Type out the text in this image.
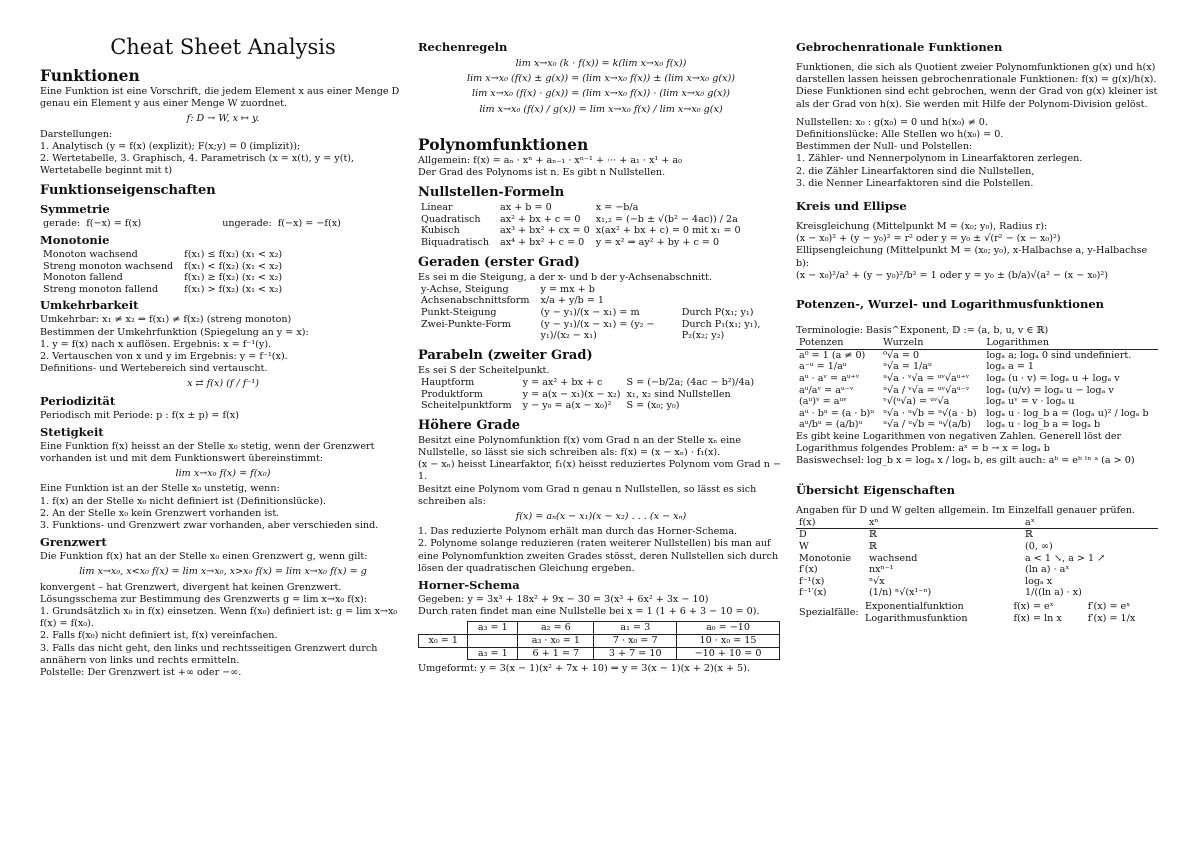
Cheat Sheet Analysis
Funktionen

Eine Funktion ist eine Vorschrift, die jedem Element x aus einer Menge D genau ein Element y aus einer Menge W zuordnet.

f: D → W, x ↦ y.

Darstellungen:

1. Analytisch (y = f(x) (explizit); F(x;y) = 0 (implizit));

2. Wertetabelle, 3. Graphisch, 4. Parametrisch (x = x(t), y = y(t), Wertetabelle beginnt mit t)

Funktionseigenschaften
Symmetrie
gerade:	f(−x) = f(x)	ungerade:	f(−x) = −f(x)
Monotonie
Monoton wachsend	f(x₁) ≤ f(x₂) (x₁ < x₂)
Streng monoton wachsend	f(x₁) < f(x₂) (x₁ < x₂)
Monoton fallend	f(x₁) ≥ f(x₂) (x₁ < x₂)
Streng monoton fallend	f(x₁) > f(x₂) (x₁ < x₂)
Umkehrbarkeit

Umkehrbar: x₁ ≠ x₂ ⇒ f(x₁) ≠ f(x₂) (streng monoton)

Bestimmen der Umkehrfunktion (Spiegelung an y = x):

1. y = f(x) nach x auflösen. Ergebnis: x = f⁻¹(y).

2. Vertauschen von x und y im Ergebnis: y = f⁻¹(x).

Definitions- und Wertebereich sind vertauscht.

x ⇄ f(x) (f / f⁻¹)
Periodizität

Periodisch mit Periode: p : f(x ± p) = f(x)

Stetigkeit

Eine Funktion f(x) heisst an der Stelle x₀ stetig, wenn der Grenzwert vorhanden ist und mit dem Funktionswert übereinstimmt:

lim x→x₀ f(x) = f(x₀)

Eine Funktion ist an der Stelle x₀ unstetig, wenn:

1. f(x) an der Stelle x₀ nicht definiert ist (Definitionslücke).

2. An der Stelle x₀ kein Grenzwert vorhanden ist.

3. Funktions- und Grenzwert zwar vorhanden, aber verschieden sind.

Grenzwert

Die Funktion f(x) hat an der Stelle x₀ einen Grenzwert g, wenn gilt:

lim x→x₀, x<x₀ f(x) = lim x→x₀, x>x₀ f(x) = lim x→x₀ f(x) = g

konvergent – hat Grenzwert, divergent hat keinen Grenzwert.

Lösungsschema zur Bestimmung des Grenzwerts g = lim x→x₀ f(x):

1. Grundsätzlich x₀ in f(x) einsetzen. Wenn f(x₀) definiert ist: g = lim x→x₀ f(x) = f(x₀).

2. Falls f(x₀) nicht definiert ist, f(x) vereinfachen.

3. Falls das nicht geht, den links und rechtsseitigen Grenzwert durch annähern von links und rechts ermitteln.

Polstelle: Der Grenzwert ist +∞ oder −∞.

Rechenregeln
lim x→x₀ (k · f(x)) = k(lim x→x₀ f(x))
lim x→x₀ (f(x) ± g(x)) = (lim x→x₀ f(x)) ± (lim x→x₀ g(x))
lim x→x₀ (f(x) · g(x)) = (lim x→x₀ f(x)) · (lim x→x₀ g(x))
lim x→x₀ (f(x) / g(x)) = lim x→x₀ f(x) / lim x→x₀ g(x)
Polynomfunktionen

Allgemein: f(x) = aₙ · xⁿ + aₙ₋₁ · xⁿ⁻¹ + ··· + a₁ · x¹ + a₀

Der Grad des Polynoms ist n. Es gibt n Nullstellen.

Nullstellen-Formeln
Linear	ax + b = 0	x = −b/a
Quadratisch	ax² + bx + c = 0	x₁,₂ = (−b ± √(b² − 4ac)) / 2a
Kubisch	ax³ + bx² + cx = 0	x(ax² + bx + c) = 0 mit x₁ = 0
Biquadratisch	ax⁴ + bx² + c = 0	y = x² ⇒ ay² + by + c = 0
Geraden (erster Grad)

Es sei m die Steigung, a der x- und b der y-Achsenabschnitt.

y-Achse, Steigung	y = mx + b	
Achsenabschnittsform	x/a + y/b = 1	
Punkt-Steigung	(y − y₁)/(x − x₁) = m	Durch P(x₁; y₁)
Zwei-Punkte-Form	(y − y₁)/(x − x₁) = (y₂ − y₁)/(x₂ − x₁)	Durch P₁(x₁; y₁), P₂(x₂; y₂)
Parabeln (zweiter Grad)

Es sei S der Scheitelpunkt.

Hauptform	y = ax² + bx + c	S = (−b/2a; (4ac − b²)/4a)
Produktform	y = a(x − x₁)(x − x₂)	x₁, x₂ sind Nullstellen
Scheitelpunktform	y − y₀ = a(x − x₀)²	S = (x₀; y₀)
Höhere Grade

Besitzt eine Polynomfunktion f(x) vom Grad n an der Stelle xₙ eine Nullstelle, so lässt sie sich schreiben als: f(x) = (x − xₙ) · f₁(x).

(x − xₙ) heisst Linearfaktor, f₁(x) heisst reduziertes Polynom vom Grad n − 1.

Besitzt eine Polynom vom Grad n genau n Nullstellen, so lässt es sich schreiben als:

f(x) = aₙ(x − x₁)(x − x₂) . . . (x − xₙ)

1. Das reduzierte Polynom erhält man durch das Horner-Schema.

2. Polynome solange reduzieren (raten weiterer Nullstellen) bis man auf eine Polynomfunktion zweiten Grades stösst, deren Nullstellen sich durch lösen der quadratischen Gleichung ergeben.

Horner-Schema

Gegeben: y = 3x³ + 18x² + 9x − 30 = 3(x³ + 6x² + 3x − 10)

Durch raten findet man eine Nullstelle bei x = 1 (1 + 6 + 3 − 10 = 0).

	a₃ = 1	a₂ = 6	a₁ = 3	a₀ = −10
x₀ = 1		a₃ · x₀ = 1	7 · x₀ = 7	10 · x₀ = 15
	a₃ = 1	6 + 1 = 7	3 + 7 = 10	−10 + 10 = 0

Umgeformt: y = 3(x − 1)(x² + 7x + 10) ⇒ y = 3(x − 1)(x + 2)(x + 5).

Gebrochenrationale Funktionen

Funktionen, die sich als Quotient zweier Polynomfunktionen g(x) und h(x) darstellen lassen heissen gebrochenrationale Funktionen: f(x) = g(x)/h(x). Diese Funktionen sind echt gebrochen, wenn der Grad von g(x) kleiner ist als der Grad von h(x). Sie werden mit Hilfe der Polynom-Division gelöst.

Nullstellen: x₀ : g(x₀) = 0 und h(x₀) ≠ 0.

Definitionslücke: Alle Stellen wo h(x₀) = 0.

Bestimmen der Null- und Polstellen:

1. Zähler- und Nennerpolynom in Linearfaktoren zerlegen.

2. die Zähler Linearfaktoren sind die Nullstellen,

3. die Nenner Linearfaktoren sind die Polstellen.

Kreis und Ellipse

Kreisgleichung (Mittelpunkt M = (x₀; y₀), Radius r):

(x − x₀)² + (y − y₀)² = r² oder y = y₀ ± √(r² − (x − x₀)²)

Ellipsengleichung (Mittelpunkt M = (x₀; y₀), x-Halbachse a, y-Halbachse b):

(x − x₀)²/a² + (y − y₀)²/b² = 1 oder y = y₀ ± (b/a)√(a² − (x − x₀)²)

Potenzen-, Wurzel- und Logarithmusfunktionen

Terminologie: Basis^Exponent, 𝔻 := (a, b, u, v ∈ ℝ)

Potenzen	Wurzeln	Logarithmen
a⁰ = 1 (a ≠ 0)	⁰√a = 0	logₐ a; logₐ 0 sind undefiniert.
a⁻ᵘ = 1/aᵘ	ᵘ√a = 1/aᵘ	logₐ a = 1
aᵘ · aᵛ = aᵘ⁺ᵛ	ᵘ√a · ᵛ√a = ᵘᵛ√aᵘ⁺ᵛ	logₐ (u · v) = logₐ u + logₐ v
aᵘ/aᵛ = aᵘ⁻ᵛ	ᵘ√a / ᵛ√a = ᵘᵛ√aᵘ⁻ᵛ	logₐ (u/v) = logₐ u − logₐ v
(aᵘ)ᵛ = aᵘᵛ	ᵛ√(ᵘ√a) = ᵘᵛ√a	logₐ uᵛ = v · logₐ u
aᵘ · bᵘ = (a · b)ᵘ	ᵘ√a · ᵘ√b = ᵘ√(a · b)	logₐ u · log_b a = (logₐ u)² / logₐ b
aᵘ/bᵘ = (a/b)ᵘ	ᵘ√a / ᵘ√b = ᵘ√(a/b)	logₐ u · log_b a = logₐ b

Es gibt keine Logarithmen von negativen Zahlen. Generell löst der Logarithmus folgendes Problem: aˣ = b → x = logₐ b

Basiswechsel: log_b x = logₐ x / logₐ b, es gilt auch: aᵇ = eᵇ ˡⁿ ᵃ (a > 0)

Übersicht Eigenschaften

Angaben für D und W gelten allgemein. Im Einzelfall genauer prüfen.

f(x)	xⁿ	aˣ
D	ℝ	ℝ
W	ℝ	(0, ∞)
Monotonie	wachsend	a < 1 ↘, a > 1 ↗
f′(x)	nxⁿ⁻¹	(ln a) · aˣ
f⁻¹(x)	ⁿ√x	logₐ x
f⁻¹′(x)	(1/n) ⁿ√(x¹⁻ⁿ)	1/((ln a) · x)
Spezialfälle:	Exponentialfunktion	f(x) = eˣ	f′(x) = eˣ
	Logarithmusfunktion	f(x) = ln x	f′(x) = 1/x
